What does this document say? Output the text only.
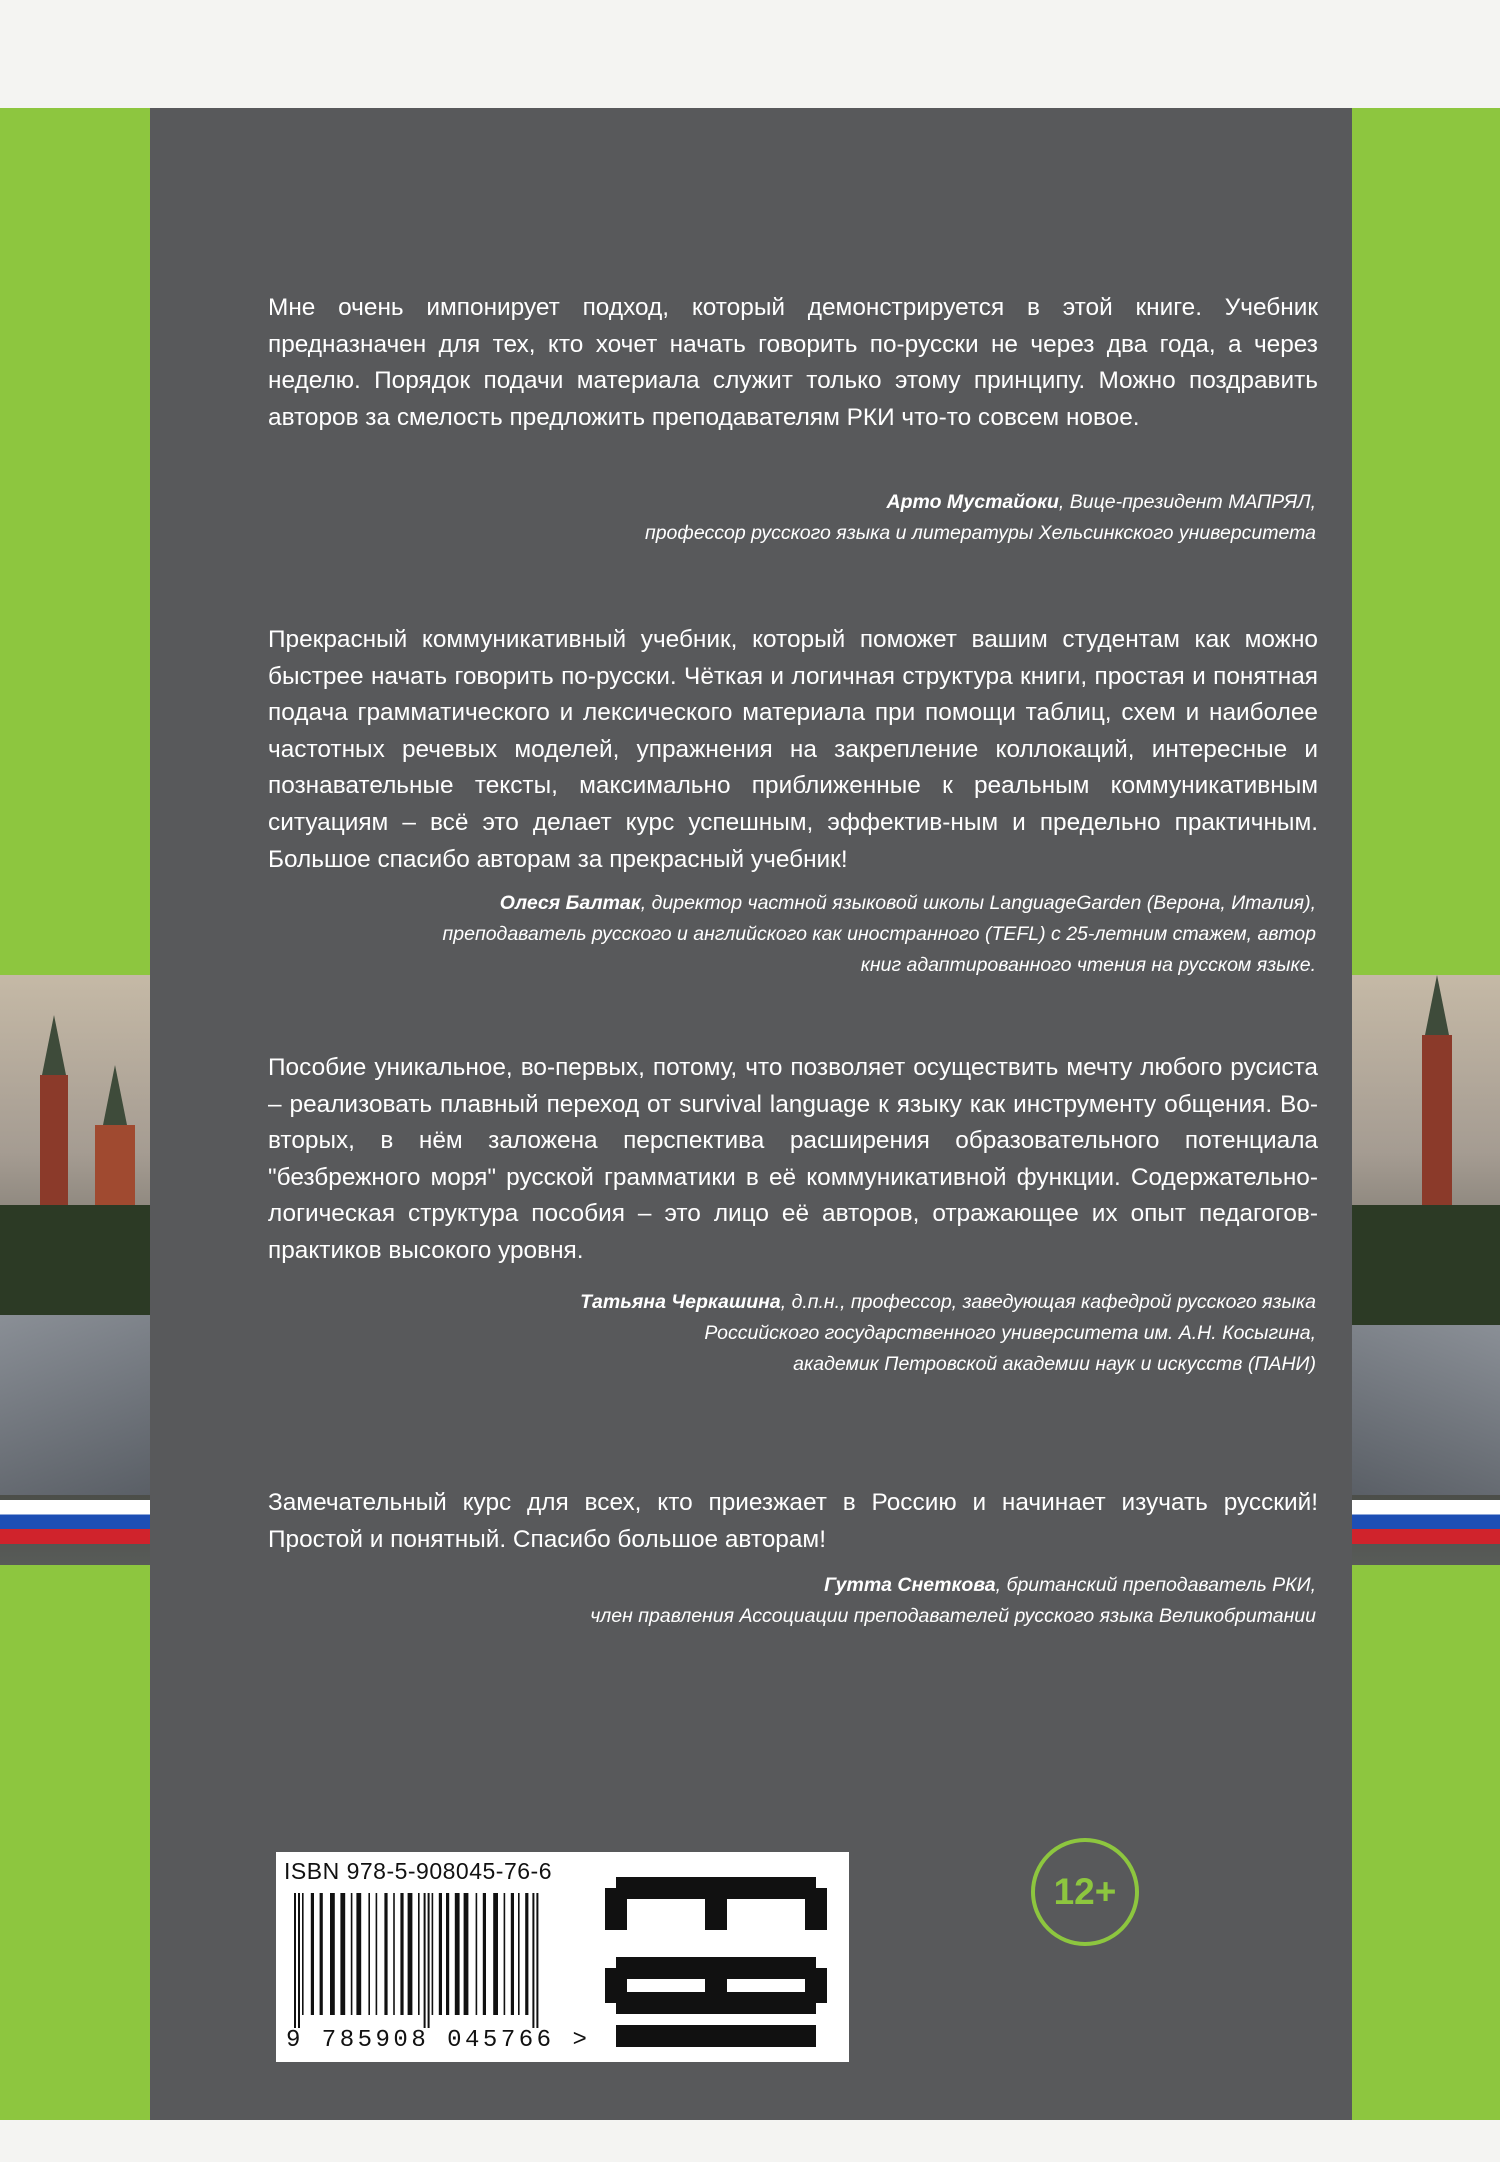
Мне очень импонирует подход, который демонстрируется в этой книге. Учебник предназначен для тех, кто хочет начать говорить по-русски не через два года, а через неделю. Порядок подачи материала служит только этому принципу. Можно поздравить авторов за смелость предложить преподавателям РКИ что-то совсем новое.
Арто Мустайоки, Вице-президент МАПРЯЛ,
профессор русского языка и литературы Хельсинкского университета
Прекрасный коммуникативный учебник, который поможет вашим студентам как можно быстрее начать говорить по-русски. Чёткая и логичная структура книги, простая и понятная подача грамматического и лексического материала при помощи таблиц, схем и наиболее частотных речевых моделей, упражнения на закрепление коллокаций, интересные и познавательные тексты, максимально приближенные к реальным коммуникативным ситуациям – всё это делает курс успешным, эффектив-ным и предельно практичным. Большое спасибо авторам за прекрасный учебник!
Олеся Балтак, директор частной языковой школы LanguageGarden (Верона, Италия),
преподаватель русского и английского как иностранного (TEFL) с 25-летним стажем, автор
книг адаптированного чтения на русском языке.
Пособие уникальное, во-первых, потому, что позволяет осуществить мечту любого русиста – реализовать плавный переход от survival language к языку как инструменту общения. Во-вторых, в нём заложена перспектива расширения образовательного потенциала "безбрежного моря" русской грамматики в её коммуникативной функции. Содержательно-логическая структура пособия – это лицо её авторов, отражающее их опыт педагогов-практиков высокого уровня.
Татьяна Черкашина, д.п.н., профессор, заведующая кафедрой русского языка
Российского государственного университета им. А.Н. Косыгина,
академик Петровской академии наук и искусств (ПАНИ)
Замечательный курс для всех, кто приезжает в Россию и начинает изучать русский! Простой и понятный. Спасибо большое авторам!
Гутта Снеткова, британский преподаватель РКИ,
член правления Ассоциации преподавателей русского языка Великобритании
ISBN 978-5-908045-76-6
9 785908 045766 >
12+
